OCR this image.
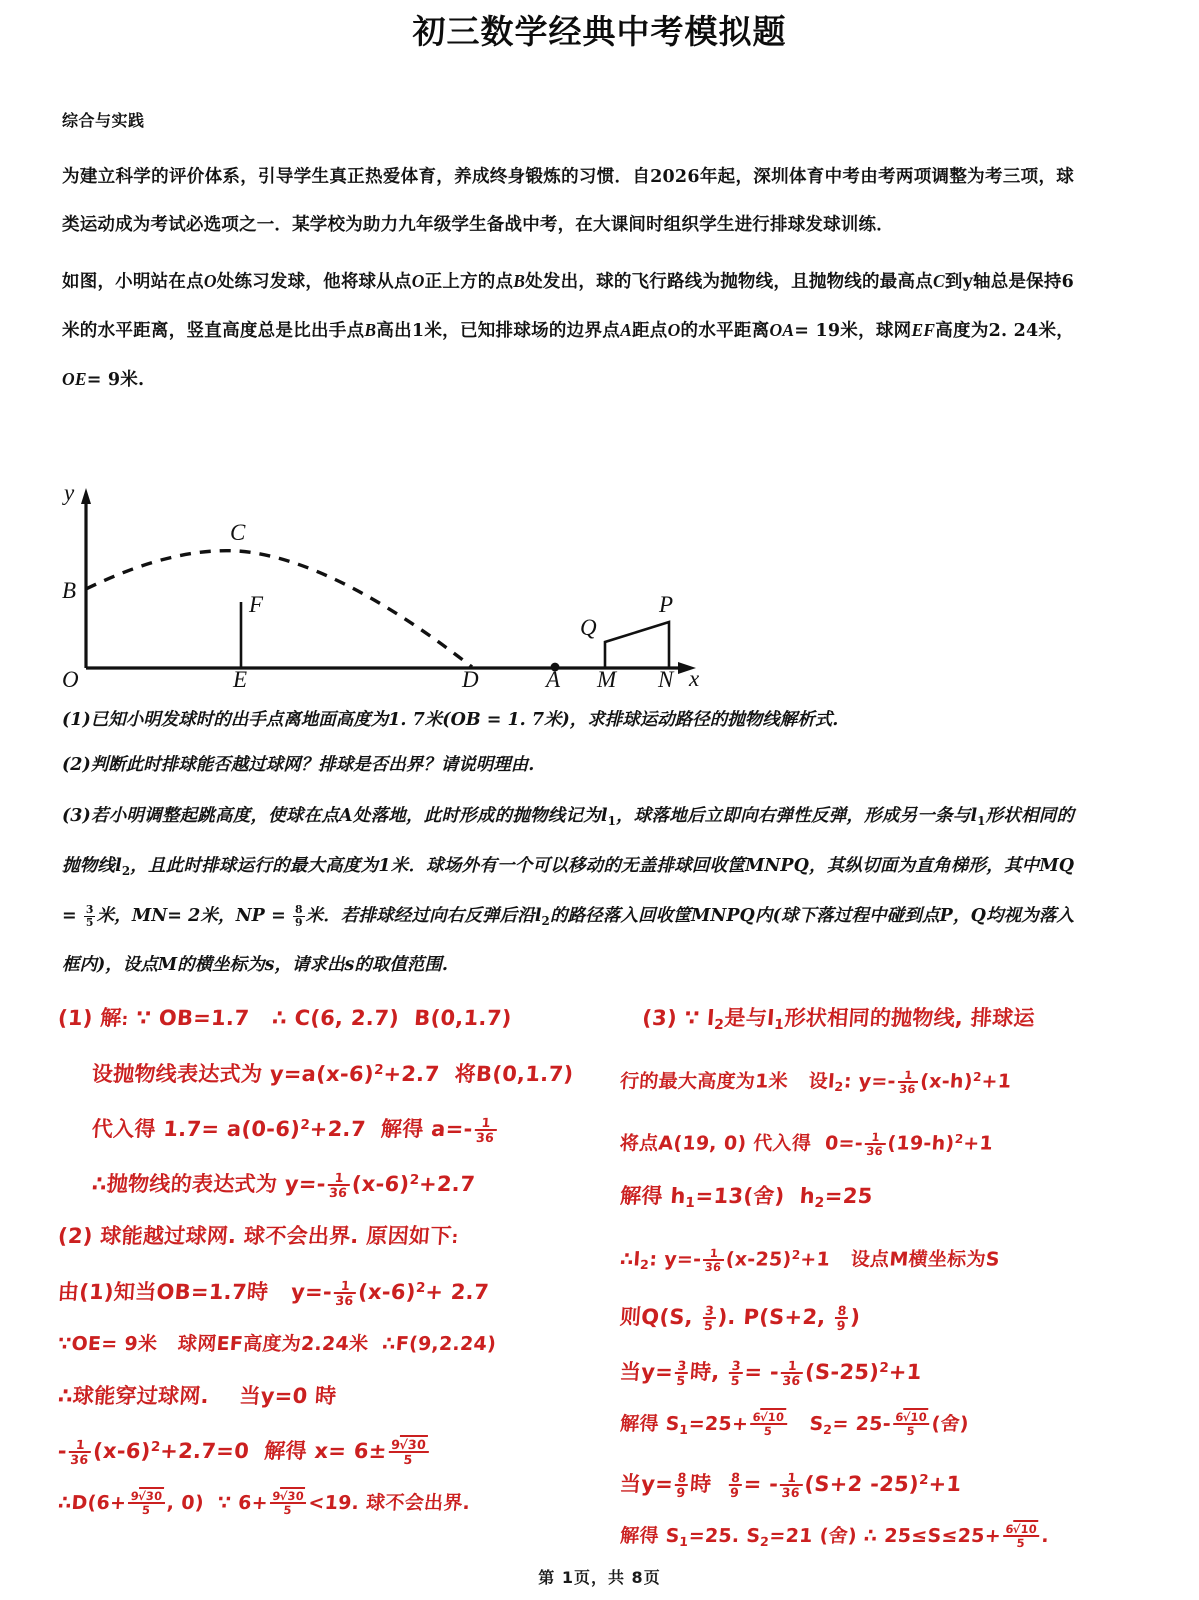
初三数学经典中考模拟题
综合与实践

为建立科学的评价体系，引导学生真正热爱体育，养成终身锻炼的习惯．自2026年起，深圳体育中考由考两项调整为考三项，球类运动成为考试必选项之一．某学校为助力九年级学生备战中考，在大课间时组织学生进行排球发球训练．

如图，小明站在点O处练习发球，他将球从点O正上方的点B处发出，球的飞行路线为抛物线，且抛物线的最高点C到y轴总是保持6米的水平距离，竖直高度总是比出手点B高出1米，已知排球场的边界点A距点O的水平距离OA= 19米，球网EF高度为2. 24米，OE= 9米.

y
x
O
B
C
E
F
D	A M N
Q
P

(1)已知小明发球时的出手点离地面高度为1. 7米(OB = 1. 7米)，求排球运动路径的抛物线解析式.

(2)判断此时排球能否越过球网？排球是否出界？请说明理由.

(3)若小明调整起跳高度，使球在点A处落地，此时形成的抛物线记为$l_1$，球落地后立即向右弹性反弹，形成另一条与$l_1$形状相同的抛物线$l_2$，且此时排球运行的最大高度为1米．球场外有一个可以移动的无盖排球回收筐MNPQ，其纵切面为直角梯形，其中MQ = $\frac{3}{5}$ 米，MN= 2米，NP = $\frac{8}{9}$ 米．若排球经过向右反弹后沿$l_2$的路径落入回收筐MNPQ内(球下落过程中碰到点P，Q均视为落入框内)，设点M的横坐标为s，请求出s的取值范围.

(1) 解: ∵ OB=1.7   ∴ C(6, 2.7)  B(0,1.7)
设抛物线表达式为 $y=a(x-6)^2+2.7$  将B(0,1.7)
代入得 $1.7= a(0-6)^2+2.7$  解得 $a=- \frac{1}{36}$
∴抛物线的表达式为 $y=- \frac{1}{36} (x-6)^2+2.7$
(2) 球能越过球网. 球不会出界. 原因如下:
由(1)知当OB=1.7時   $y=- \frac{1}{36} (x-6)^2+ 2.7$
∵OE= 9米   球网EF高度为2.24米  ∴F(9,2.24)
∴球能穿过球网.    当y=0 時
- $\frac{1}{36} (x-6)^2+2.7=0$  解得 $x= 6\pm \frac{9√30}{5}$
∴D(6+ $\frac{9√30}{5}$ , 0)  ∵ $6+ \frac{9√30}{5} <19$. 球不会出界.
(3) ∵ l2是与l1形状相同的抛物线, 排球运
行的最大高度为1米   设l2: $y=- \frac{1}{36} (x-h)^2+1$
将点A(19, 0) 代入得  $0=- \frac{1}{36} (19-h)^2+1$
解得 h1=13(舍)  h2=25
∴l2: $y=- \frac{1}{36} (x-25)^2+1$   设点M横坐标为S
则Q(S, $\frac{3}{5}$ ). P(S+2, $\frac{8}{9}$ )
当$y= \frac{3}{5}$ 時, $\frac{3}{5}$ = - $\frac{1}{36} (S-25)^2+1$
解得 $S1=25+ \frac{6√10}{5} S2= 25- \frac{6√10}{5}$ (舍)
当$y= \frac{8}{9}$ 時 $\frac{8}{9}$ = - $\frac{1}{36} (S+2$ -25)$^2$+1
解得 S1=25. S2=21 (舍) ∴ $25\le S\le 25+ \frac{6√10}{5}$ .
第 1页，共 8页
